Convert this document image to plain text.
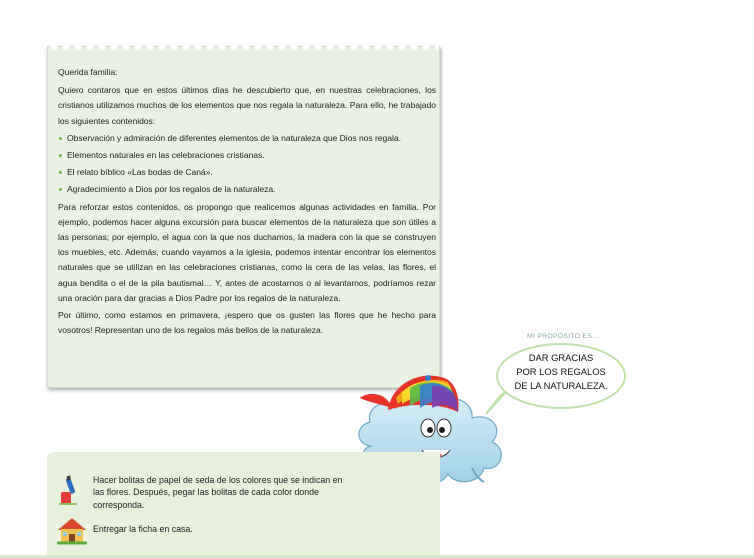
Querida familia:

Quiero contaros que en estos últimos días he descubierto que, en nuestras celebraciones, los cristianos utilizamos muchos de los elementos que nos regala la naturaleza. Para ello, he trabajado los siguientes contenidos:

Observación y admiración de diferentes elementos de la naturaleza que Dios nos regala.
Elementos naturales en las celebraciones cristianas.
El relato bíblico «Las bodas de Caná».
Agradecimiento a Dios por los regalos de la naturaleza.

Para reforzar estos contenidos, os propongo que realicemos algunas actividades en familia. Por ejemplo, podemos hacer alguna excursión para buscar elementos de la naturaleza que son útiles a las personas; por ejemplo, el agua con la que nos duchamos, la madera con la que se construyen los muebles, etc. Además, cuando vayamos a la iglesia, podemos intentar encontrar los elementos naturales que se utilizan en las celebraciones cristianas, como la cera de las velas, las flores, el agua bendita o el de la pila bautismal… Y, antes de acostarnos o al levantarnos, podríamos rezar una oración para dar gracias a Dios Padre por los regalos de la naturaleza.

Por último, como estamos en primavera, ¡espero que os gusten las flores que he hecho para vosotros! Representan uno de los regalos más bellos de la naturaleza.

MI PROPÓSITO ES...
DAR GRACIAS
POR LOS REGALOS
DE LA NATURALEZA.
Hacer bolitas de papel de seda de los colores que se indican en las flores. Después, pegar las bolitas de cada color donde corresponda.
Entregar la ficha en casa.
